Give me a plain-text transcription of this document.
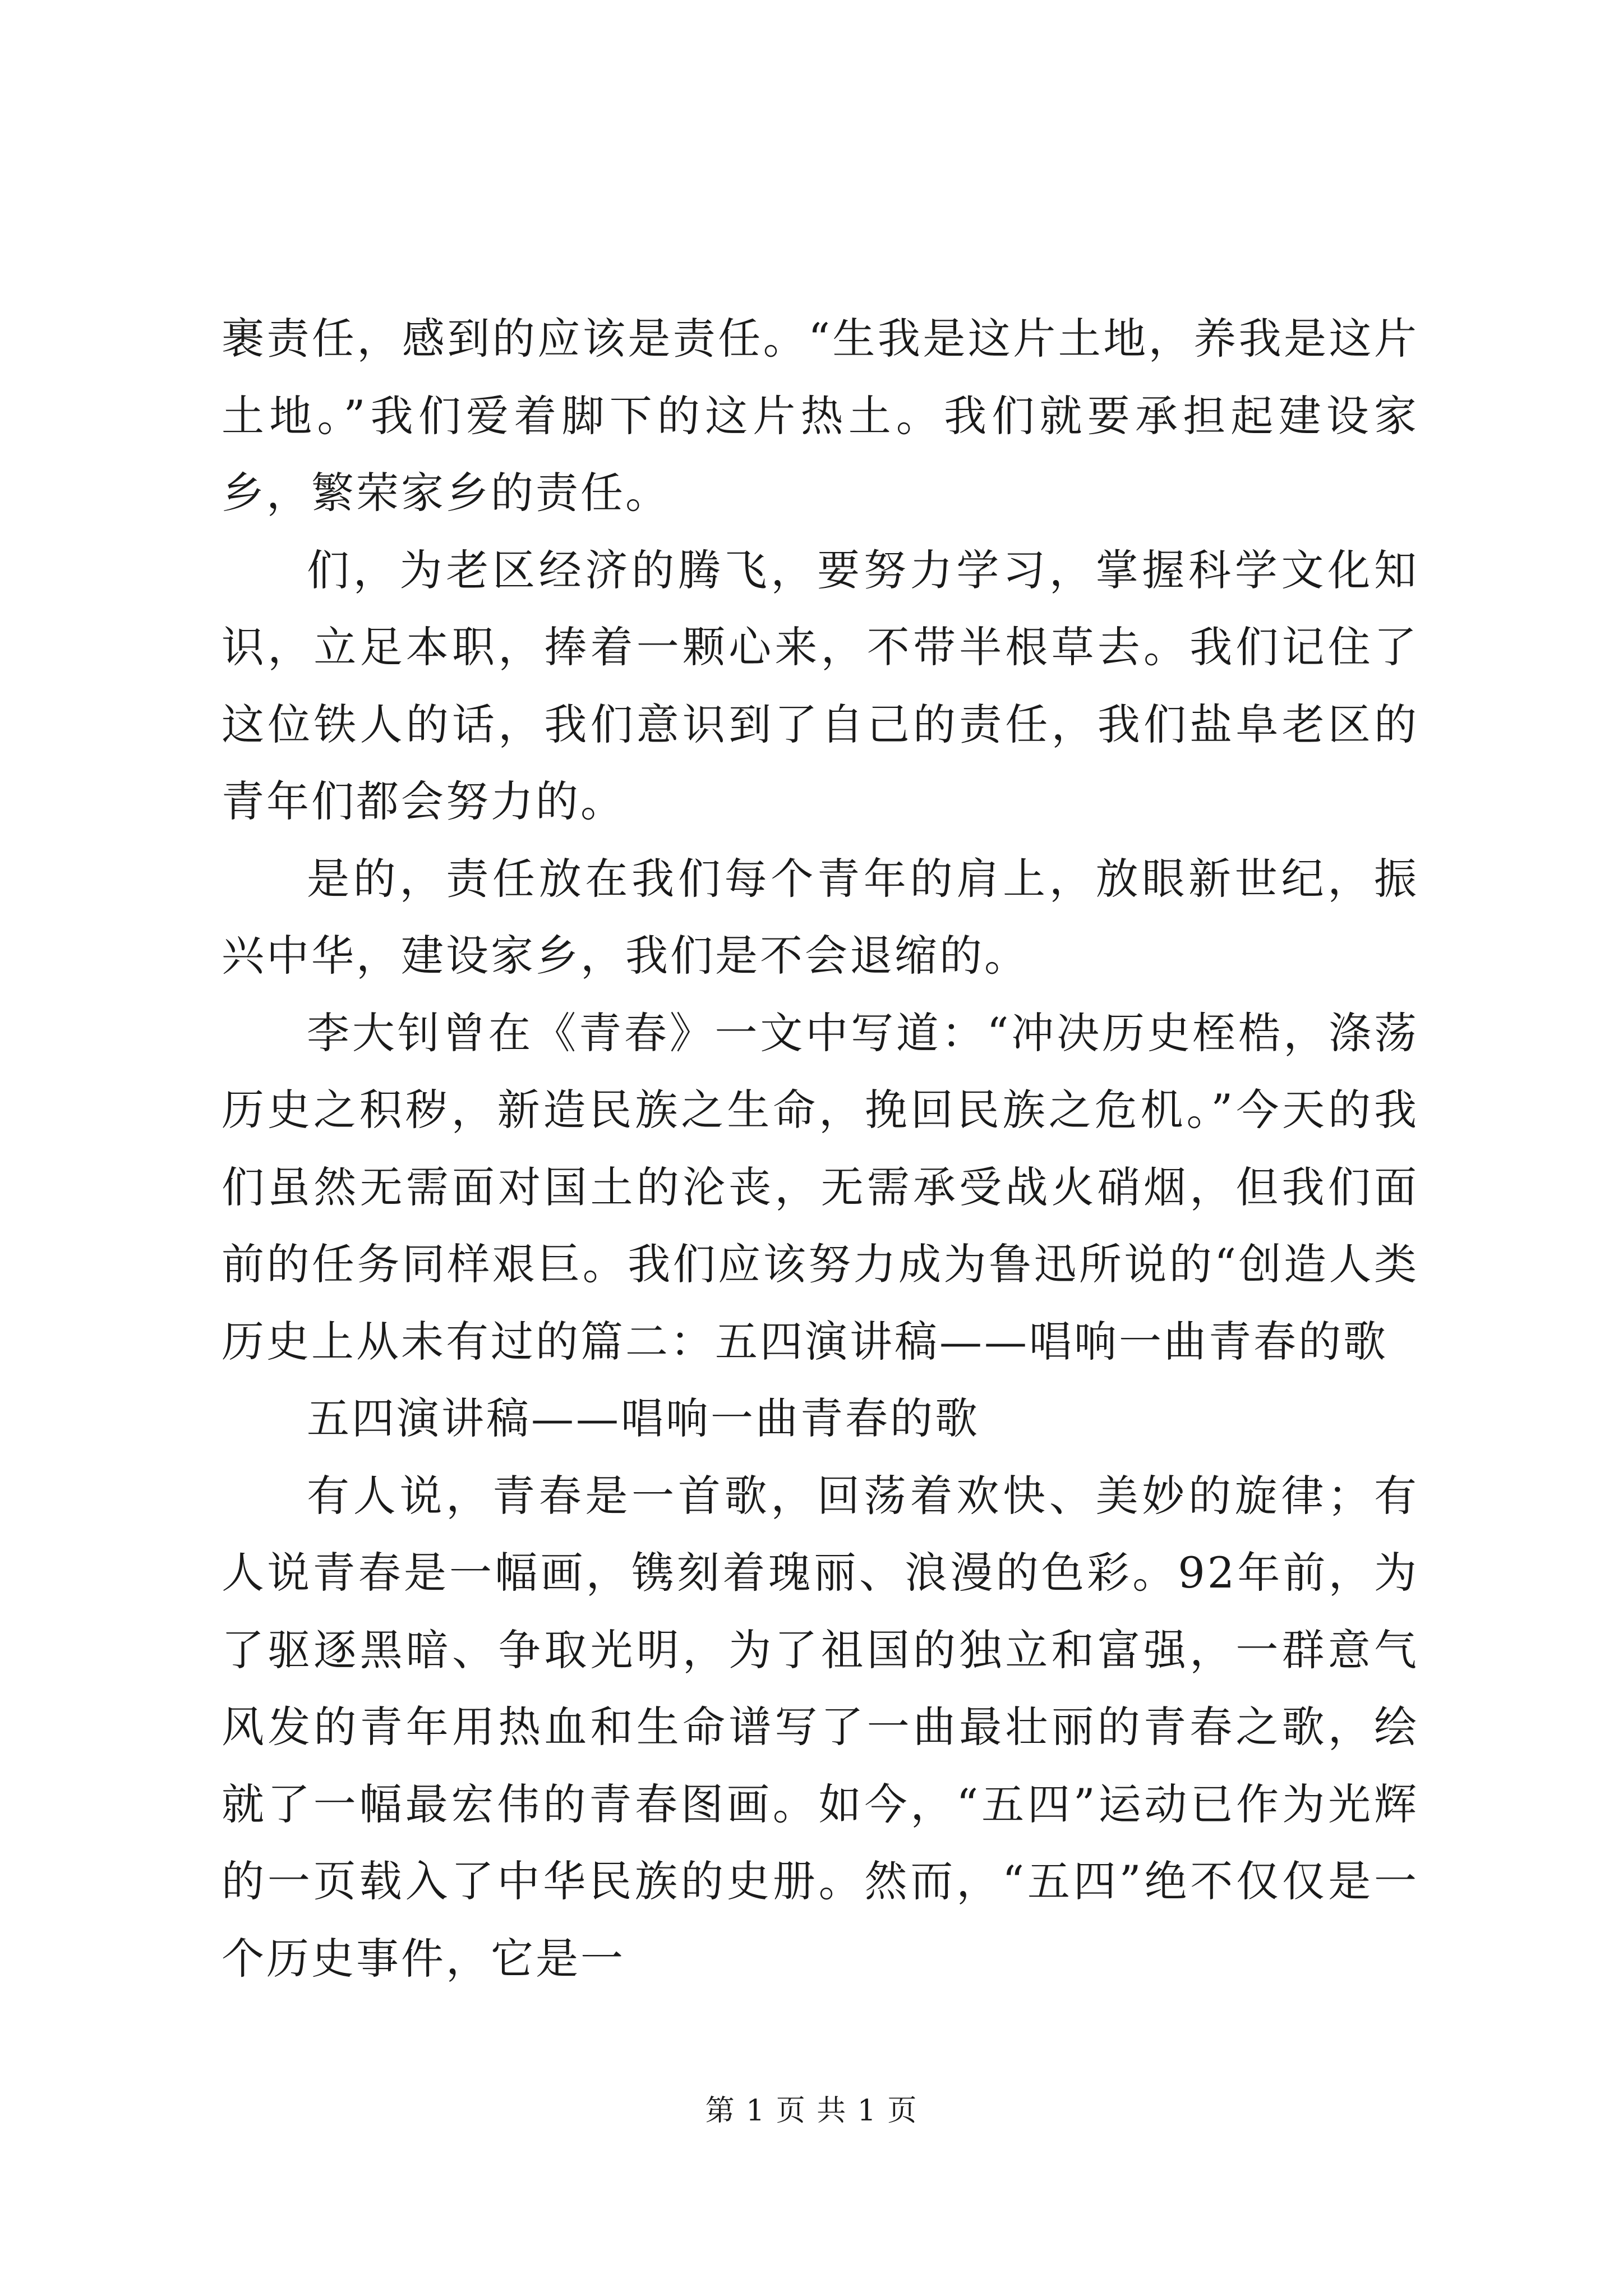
裹责任，感到的应该是责任。“生我是这片土地，养我是这片土地。”我们爱着脚下的这片热土。我们就要承担起建设家乡，繁荣家乡的责任。

们，为老区经济的腾飞，要努力学习，掌握科学文化知识，立足本职，捧着一颗心来，不带半根草去。我们记住了这位铁人的话，我们意识到了自己的责任，我们盐阜老区的青年们都会努力的。

是的，责任放在我们每个青年的肩上，放眼新世纪，振兴中华，建设家乡，我们是不会退缩的。

李大钊曾在《青春》一文中写道：“冲决历史桎梏，涤荡历史之积秽，新造民族之生命，挽回民族之危机。”今天的我们虽然无需面对国土的沦丧，无需承受战火硝烟，但我们面前的任务同样艰巨。我们应该努力成为鲁迅所说的“创造人类历史上从未有过的篇二：五四演讲稿——唱响一曲青春的歌

五四演讲稿——唱响一曲青春的歌

有人说，青春是一首歌，回荡着欢快、美妙的旋律；有人说青春是一幅画，镌刻着瑰丽、浪漫的色彩。92年前，为了驱逐黑暗、争取光明，为了祖国的独立和富强，一群意气风发的青年用热血和生命谱写了一曲最壮丽的青春之歌，绘就了一幅最宏伟的青春图画。如今，“五四”运动已作为光辉的一页载入了中华民族的史册。然而，“五四”绝不仅仅是一个历史事件，它是一

第 1 页 共 1 页
